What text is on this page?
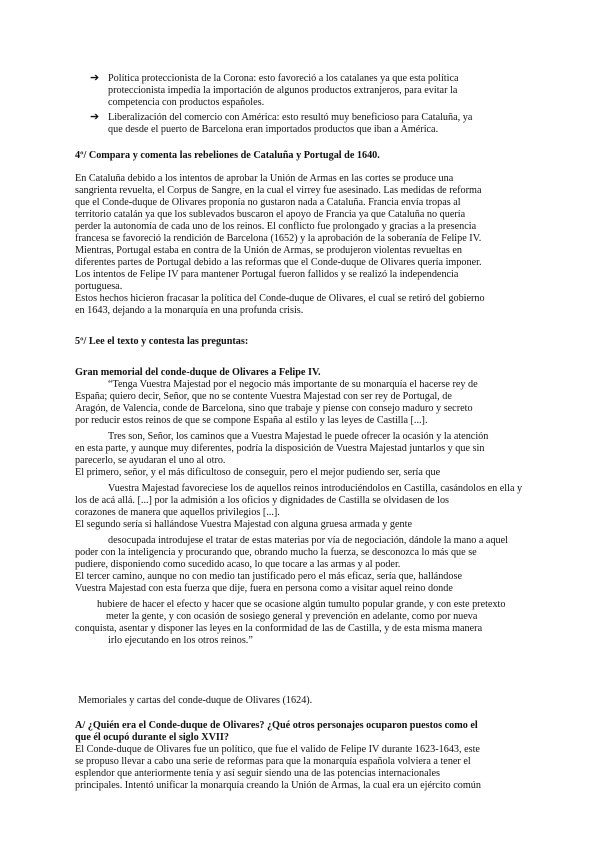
➔ Política proteccionista de la Corona: esto favoreció a los catalanes ya que esta política
proteccionista impedía la importación de algunos productos extranjeros, para evitar la
competencia con productos españoles.
➔ Liberalización del comercio con América: esto resultó muy beneficioso para Cataluña, ya
que desde el puerto de Barcelona eran importados productos que iban a América.
4º/ Compara y comenta las rebeliones de Cataluña y Portugal de 1640.
En Cataluña debido a los intentos de aprobar la Unión de Armas en las cortes se produce una
sangrienta revuelta, el Corpus de Sangre, en la cual el virrey fue asesinado. Las medidas de reforma
que el Conde-duque de Olivares proponía no gustaron nada a Cataluña. Francia envía tropas al
territorio catalán ya que los sublevados buscaron el apoyo de Francia ya que Cataluña no quería
perder la autonomía de cada uno de los reinos. El conflicto fue prolongado y gracias a la presencia
francesa se favoreció la rendición de Barcelona (1652) y la aprobación de la soberanía de Felipe IV.
Mientras, Portugal estaba en contra de la Unión de Armas, se produjeron violentas revueltas en
diferentes partes de Portugal debido a las reformas que el Conde-duque de Olivares quería imponer.
Los intentos de Felipe IV para mantener Portugal fueron fallidos y se realizó la independencia
portuguesa.
Estos hechos hicieron fracasar la política del Conde-duque de Olivares, el cual se retiró del gobierno
en 1643, dejando a la monarquía en una profunda crisis.
5º/ Lee el texto y contesta las preguntas:
Gran memorial del conde-duque de Olivares a Felipe IV.
“Tenga Vuestra Majestad por el negocio más importante de su monarquía el hacerse rey de
España; quiero decir, Señor, que no se contente Vuestra Majestad con ser rey de Portugal, de
Aragón, de Valencia, conde de Barcelona, sino que trabaje y piense con consejo maduro y secreto
por reducir estos reinos de que se compone España al estilo y las leyes de Castilla [...].
Tres son, Señor, los caminos que a Vuestra Majestad le puede ofrecer la ocasión y la atención
en esta parte, y aunque muy diferentes, podría la disposición de Vuestra Majestad juntarlos y que sin
parecerlo, se ayudaran el uno al otro.
El primero, señor, y el más dificultoso de conseguir, pero el mejor pudiendo ser, sería que
Vuestra Majestad favoreciese los de aquellos reinos introduciéndolos en Castilla, casándolos en ella y
los de acá allá. [...] por la admisión a los oficios y dignidades de Castilla se olvidasen de los
corazones de manera que aquellos privilegios [...].
El segundo sería si hallándose Vuestra Majestad con alguna gruesa armada y gente
desocupada introdujese el tratar de estas materias por vía de negociación, dándole la mano a aquel
poder con la inteligencia y procurando que, obrando mucho la fuerza, se desconozca lo más que se
pudiere, disponiendo como sucedido acaso, lo que tocare a las armas y al poder.
El tercer camino, aunque no con medio tan justificado pero el más eficaz, sería que, hallándose
Vuestra Majestad con esta fuerza que dije, fuera en persona como a visitar aquel reino donde
hubiere de hacer el efecto y hacer que se ocasione algún tumulto popular grande, y con este pretexto
meter la gente, y con ocasión de sosiego general y prevención en adelante, como por nueva
conquista, asentar y disponer las leyes en la conformidad de las de Castilla, y de esta misma manera
irlo ejecutando en los otros reinos.”
Memoriales y cartas del conde-duque de Olivares (1624).
A/ ¿Quién era el Conde-duque de Olivares? ¿Qué otros personajes ocuparon puestos como el
que él ocupó durante el siglo XVII?
El Conde-duque de Olivares fue un político, que fue el valido de Felipe IV durante 1623-1643, este
se propuso llevar a cabo una serie de reformas para que la monarquía española volviera a tener el
esplendor que anteriormente tenía y así seguir siendo una de las potencias internacionales
principales. Intentó unificar la monarquía creando la Unión de Armas, la cual era un ejército común
